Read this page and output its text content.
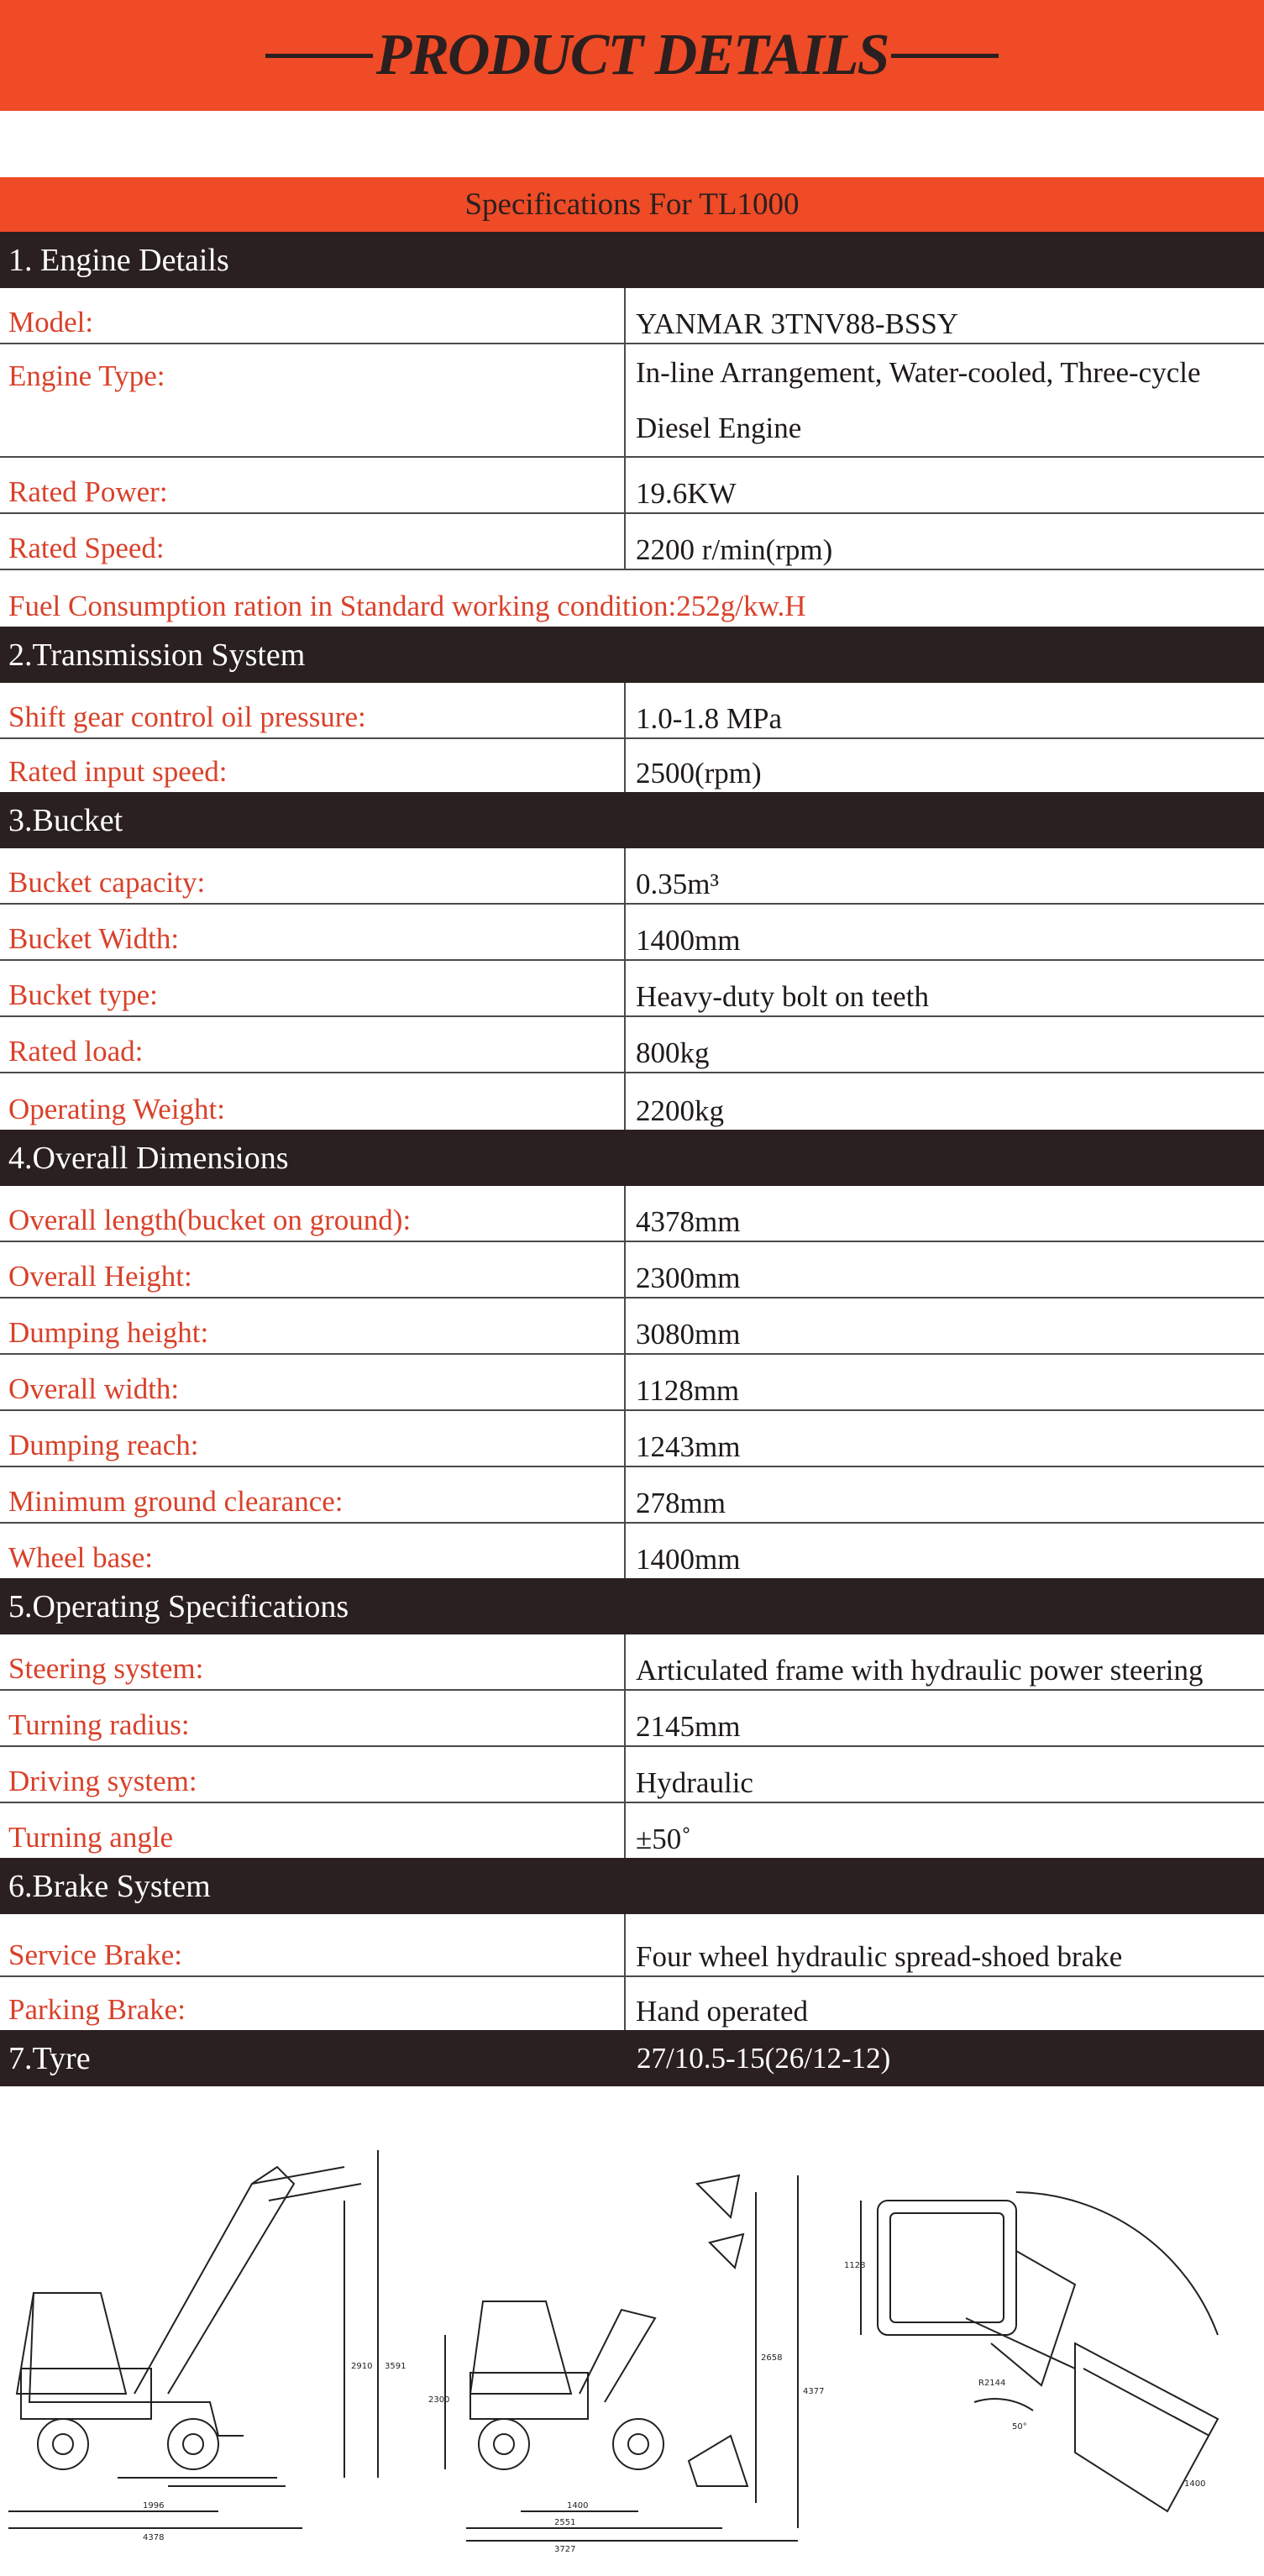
PRODUCT DETAILS
Specifications For TL1000
1. Engine Details
Model:	YANMAR 3TNV88-BSSY
Engine Type:	In-line Arrangement, Water-cooled, Three-cycle Diesel Engine
Rated Power:	19.6KW
Rated Speed:	2200 r/min(rpm)
Fuel Consumption ration in Standard working condition:252g/kw.H
2.Transmission System
Shift gear control oil pressure:	1.0-1.8 MPa
Rated input speed:	2500(rpm)
3.Bucket
Bucket capacity:	0.35m³
Bucket Width:	1400mm
Bucket type:	Heavy-duty bolt on teeth
Rated load:	800kg
Operating Weight:	2200kg
4.Overall Dimensions
Overall length(bucket on ground):	4378mm
Overall Height:	2300mm
Dumping height:	3080mm
Overall width:	1128mm
Dumping reach:	1243mm
Minimum ground clearance:	278mm
Wheel base:	1400mm
5.Operating Specifications
Steering system:	Articulated frame with hydraulic power steering
Turning radius:	2145mm
Driving system:	Hydraulic
Turning angle	±50˚
6.Brake System
Service Brake:	Four wheel hydraulic spread-shoed brake
Parking Brake:	Hand operated
7.Tyre	27/10.5-15(26/12-12)
1996
4378
2910 3591
2300
1400
2551
3727
2658
4377
1128
R2144
50°
1400
